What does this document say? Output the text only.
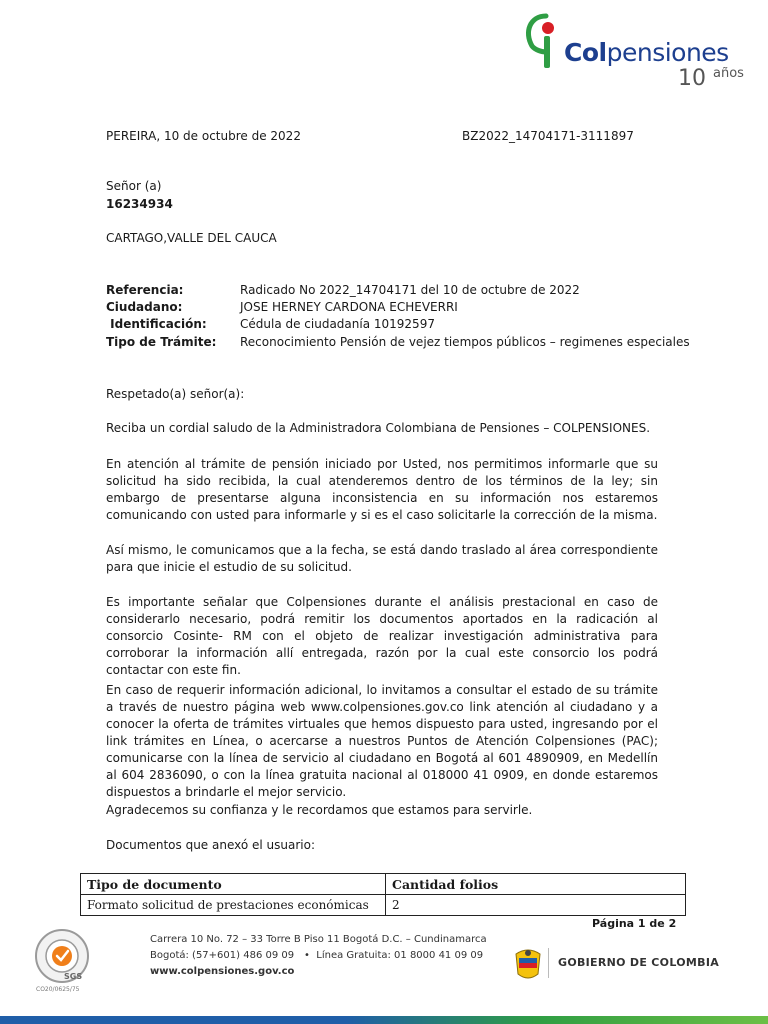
Colpensiones
10 $^{años}$
PEREIRA, 10 de octubre de 2022	BZ2022_14704171-3111897
Señor (a)
16234934
CARTAGO,VALLE DEL CAUCA
Referencia:	Radicado No 2022_14704171 del 10 de octubre de 2022
Ciudadano:	JOSE HERNEY CARDONA ECHEVERRI
Identificación:	Cédula de ciudadanía 10192597
Tipo de Trámite: Reconocimiento Pensión de vejez tiempos públicos – regimenes especiales
Respetado(a) señor(a):
Reciba un cordial saludo de la Administradora Colombiana de Pensiones – COLPENSIONES.
En atención al trámite de pensión iniciado por Usted, nos permitimos informarle que su solicitud ha sido recibida, la cual atenderemos dentro de los términos de la ley; sin embargo de presentarse alguna inconsistencia en su información nos estaremos comunicando con usted para informarle y si es el caso solicitarle la corrección de la misma.
Así mismo, le comunicamos que a la fecha, se está dando traslado al área correspondiente para que inicie el estudio de su solicitud.
Es importante señalar que Colpensiones durante el análisis prestacional en caso de considerarlo necesario, podrá remitir los documentos aportados en la radicación al consorcio Cosinte- RM con el objeto de realizar investigación administrativa para corroborar la información allí entregada, razón por la cual este consorcio los podrá contactar con este fin.
En caso de requerir información adicional, lo invitamos a consultar el estado de su trámite a través de nuestro página web www.colpensiones.gov.co link atención al ciudadano y a conocer la oferta de trámites virtuales que hemos dispuesto para usted, ingresando por el link trámites en Línea, o acercarse a nuestros Puntos de Atención Colpensiones (PAC); comunicarse con la línea de servicio al ciudadano en Bogotá al 601 4890909, en Medellín al 604 2836090, o con la línea gratuita nacional al 018000 41 0909, en donde estaremos dispuestos a brindarle el mejor servicio.
Agradecemos su confianza y le recordamos que estamos para servirle.
Documentos que anexó el usuario:
Tipo de documento	Cantidad folios
Formato solicitud de prestaciones económicas	2
Página 1 de 2
SGS
CO20/0625/75
Carrera 10 No. 72 – 33 Torre B Piso 11 Bogotá D.C. – Cundinamarca
Bogotá: (57+601) 486 09 09 •  Línea Gratuita: 01 8000 41 09 09
www.colpensiones.gov.co
GOBIERNO DE COLOMBIA
